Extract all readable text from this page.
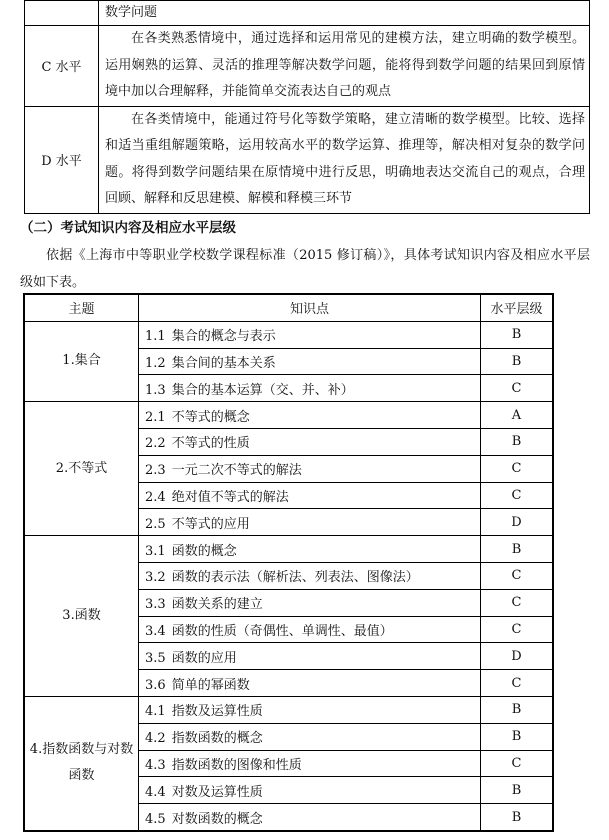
	数学问题
C 水平	在各类熟悉情境中，通过选择和运用常见的建模方法，建立明确的数学模型。运用娴熟的运算、灵活的推理等解决数学问题，能将得到数学问题的结果回到原情境中加以合理解释，并能简单交流表达自己的观点
D 水平	在各类情境中，能通过符号化等数学策略，建立清晰的数学模型。比较、选择和适当重组解题策略，运用较高水平的数学运算、推理等，解决相对复杂的数学问题。将得到数学问题结果在原情境中进行反思，明确地表达交流自己的观点，合理回顾、解释和反思建模、解模和释模三环节
（二）考试知识内容及相应水平层级

依据《上海市中等职业学校数学课程标准（2015 修订稿）》，具体考试知识内容及相应水平层级如下表。

主题	知识点	水平层级
1.集合	1.1 集合的概念与表示	B
	1.2 集合间的基本关系	B
	1.3 集合的基本运算（交、并、补）	C
2.不等式	2.1 不等式的概念	A
	2.2 不等式的性质	B
	2.3 一元二次不等式的解法	C
	2.4 绝对值不等式的解法	C
	2.5 不等式的应用	D
3.函数	3.1 函数的概念	B
	3.2 函数的表示法（解析法、列表法、图像法）	C
	3.3 函数关系的建立	C
	3.4 函数的性质（奇偶性、单调性、最值）	C
	3.5 函数的应用	D
	3.6 简单的幂函数	C
4.指数函数与对数函数	4.1 指数及运算性质	B
	4.2 指数函数的概念	B
	4.3 指数函数的图像和性质	C
	4.4 对数及运算性质	B
	4.5 对数函数的概念	B
